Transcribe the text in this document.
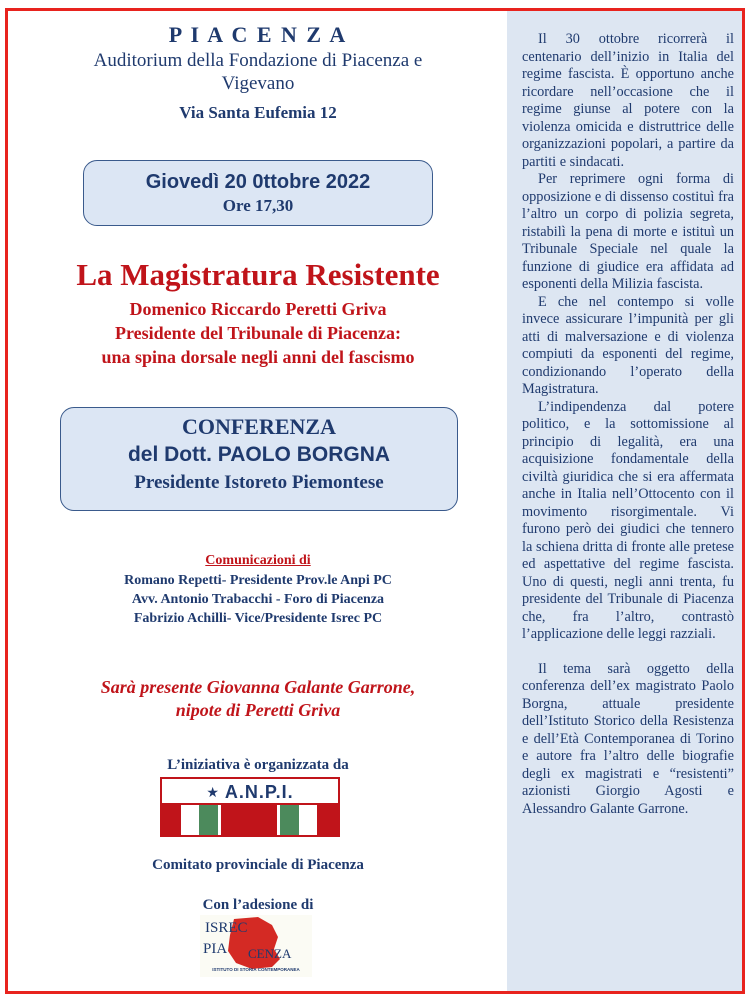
P I A C E N Z A
Auditorium della Fondazione di Piacenza e
Vigevano
Via Santa Eufemia 12
Giovedì 20 0ttobre 2022
Ore 17,30
La Magistratura Resistente
Domenico Riccardo Peretti Griva
Presidente del Tribunale di Piacenza:
una spina dorsale negli anni del fascismo
CONFERENZA
del Dott. PAOLO BORGNA
Presidente Istoreto Piemontese
Comunicazioni di
Romano Repetti- Presidente Prov.le Anpi PC
Avv. Antonio Trabacchi - Foro di Piacenza
Fabrizio Achilli- Vice/Presidente Isrec PC
Sarà presente Giovanna Galante Garrone,
nipote di Peretti Griva
L’iniziativa è organizzata da
Comitato provinciale di Piacenza
Con l’adesione di
★ A.N.P.I.
ISREC
PIA CENZA
ISTITUTO DI STORIA CONTEMPORANEA

Il 30 ottobre ricorrerà il centenario dell’inizio in Italia del regime fascista. È opportuno anche ricordare nell’occasione che il regime giunse al potere con la violenza omicida e distruttrice delle organizzazioni popolari, a partire da partiti e sindacati.

Per reprimere ogni forma di opposizione e di dissenso costituì fra l’altro un corpo di polizia segreta, ristabilì la pena di morte e istituì un Tribunale Speciale nel quale la funzione di giudice era affidata ad esponenti della Milizia fascista.

E che nel contempo si volle invece assicurare l’impunità per gli atti di malversazione e di violenza compiuti da esponenti del regime, condizionando l’operato della Magistratura.

L’indipendenza dal potere politico, e la sottomissione al principio di legalità, era una acquisizione fondamentale della civiltà giuridica che si era affermata anche in Italia nell’Ottocento con il movimento risorgimentale. Vi furono però dei giudici che tennero la schiena dritta di fronte alle pretese ed aspettative del regime fascista. Uno di questi, negli anni trenta, fu presidente del Tribunale di Piacenza che, fra l’altro, contrastò l’applicazione delle leggi razziali.

Il tema sarà oggetto della conferenza dell’ex magistrato Paolo Borgna, attuale presidente dell’Istituto Storico della Resistenza e dell’Età Contemporanea di Torino e autore fra l’altro delle biografie degli ex magistrati e “resistenti” azionisti Giorgio Agosti e Alessandro Galante Garrone.
